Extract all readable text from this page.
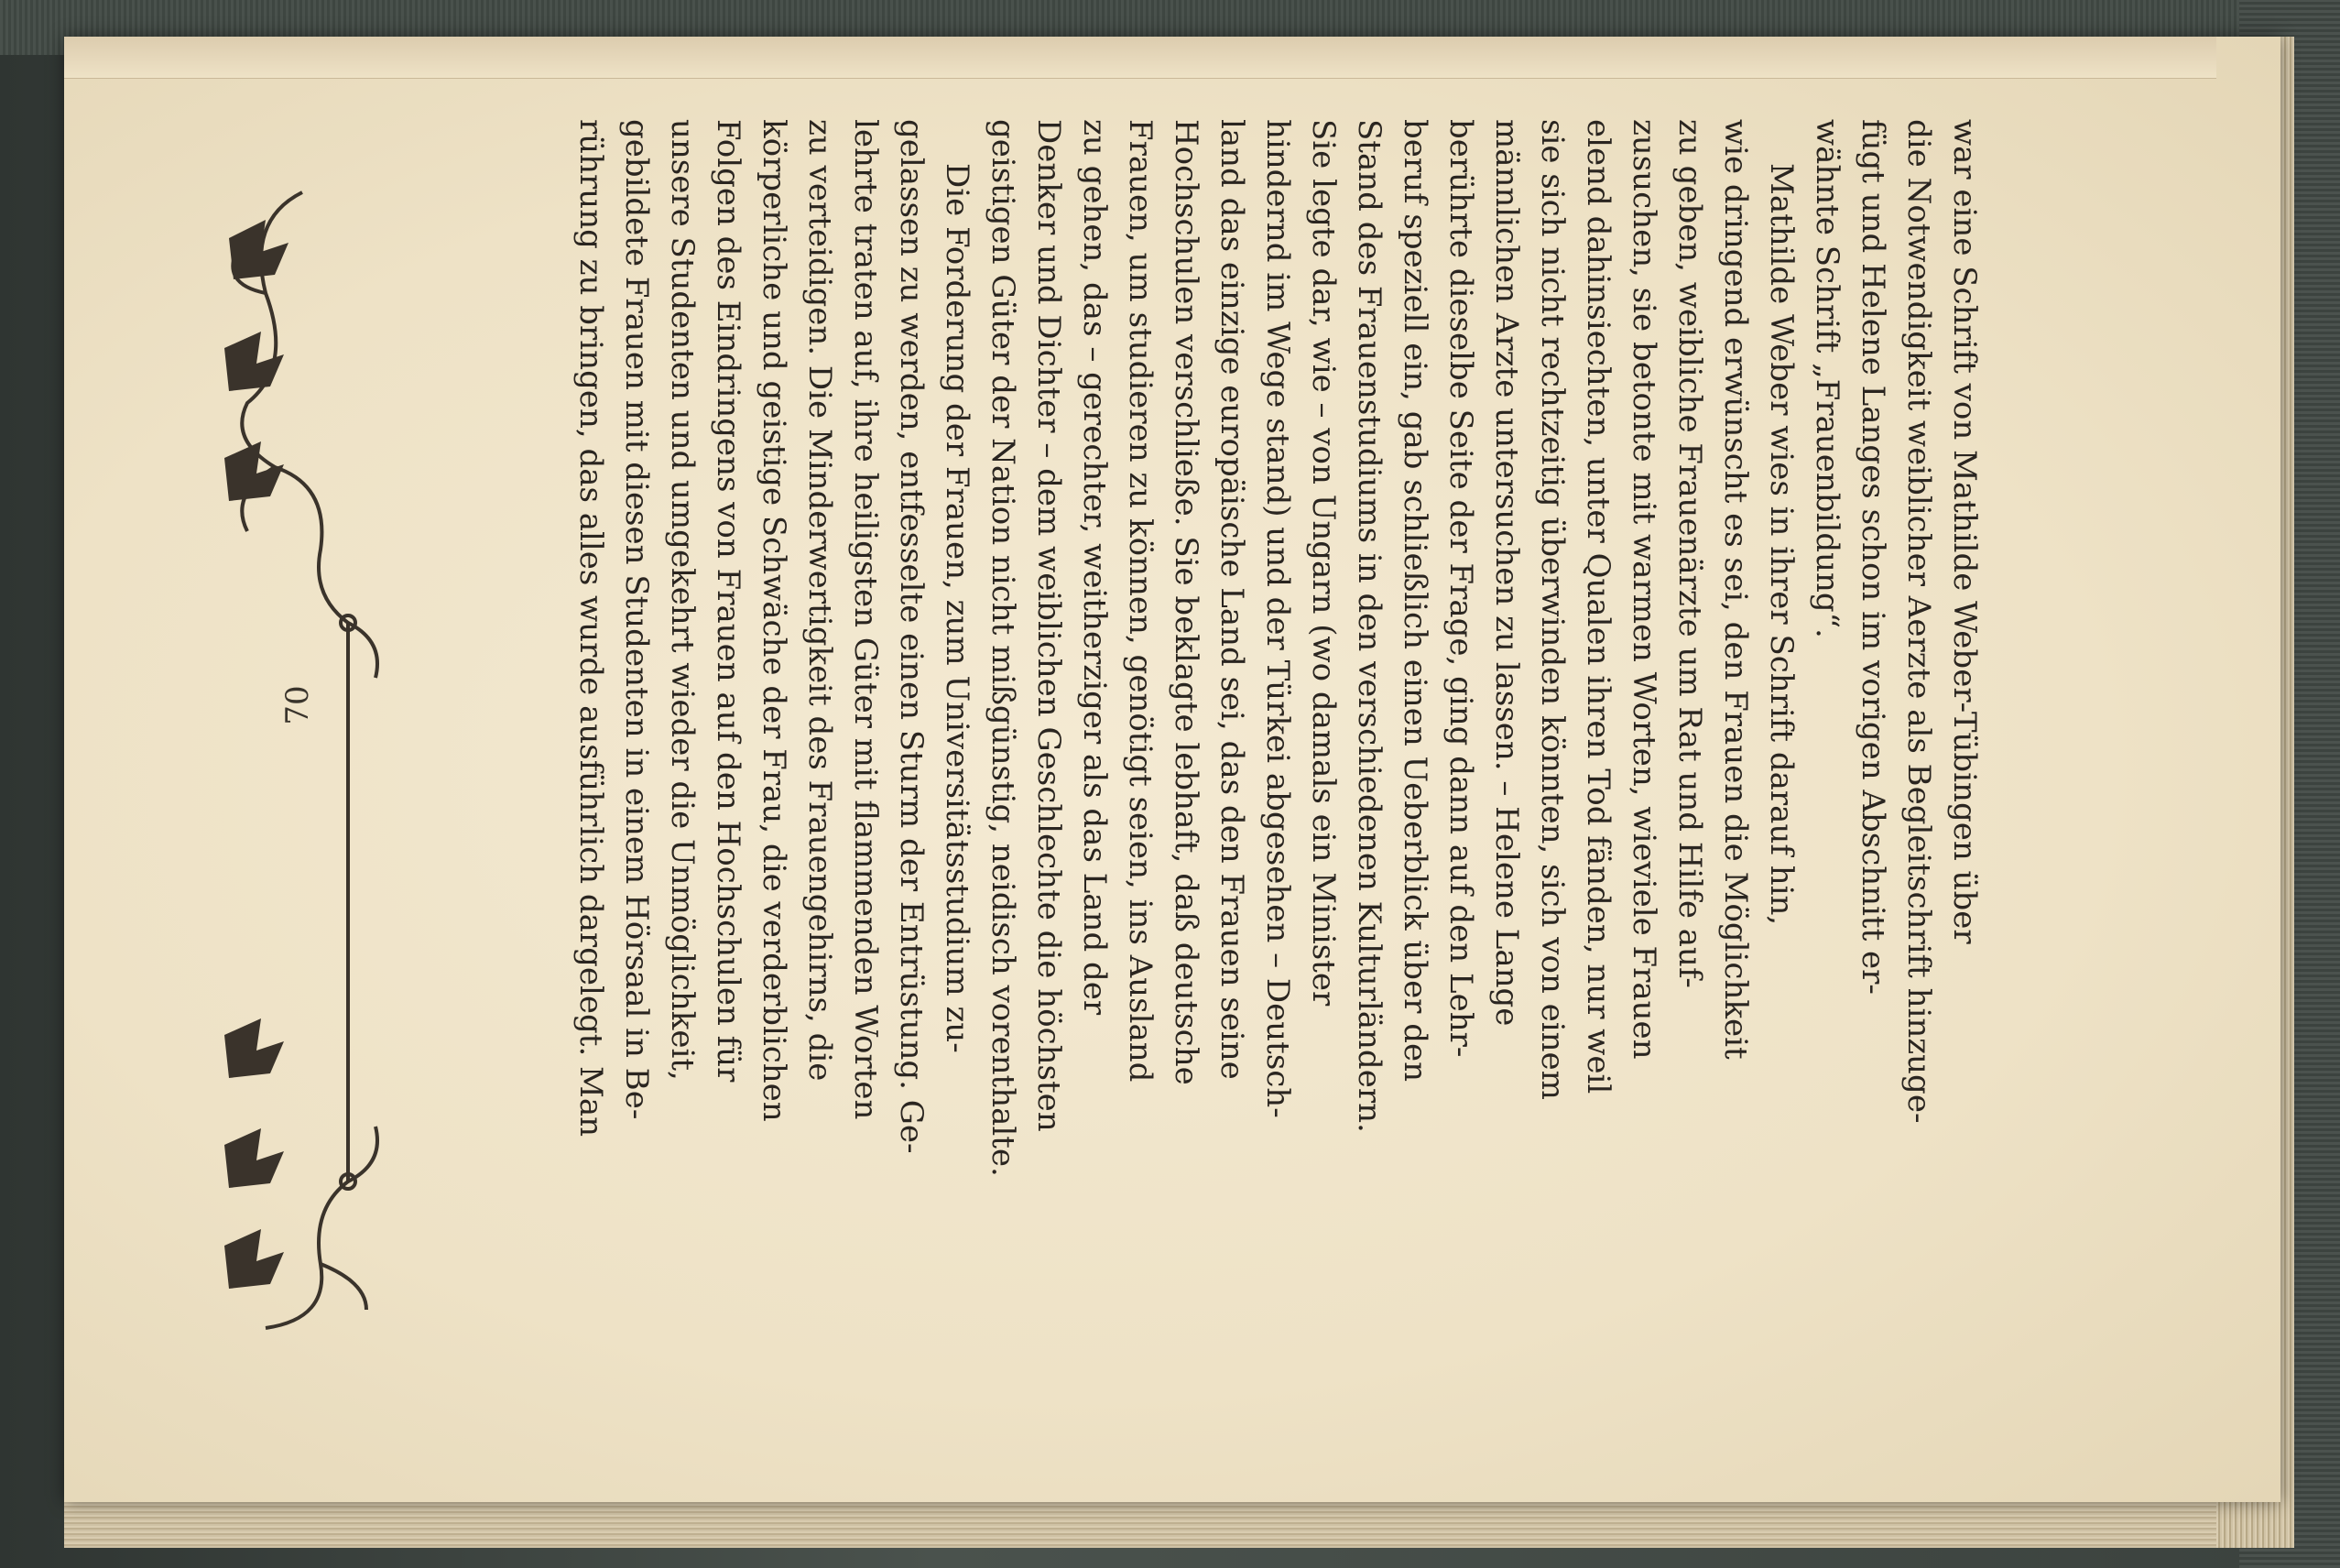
70	war eine Schrift von Mathilde Weber-Tübingen über
die Notwendigkeit weiblicher Aerzte als Begleitschrift hinzuge-
fügt und Helene Langes schon im vorigen Abschnitt er-
wähnte Schrift „Frauenbildung“.
Mathilde Weber wies in ihrer Schrift darauf hin,
wie dringend erwünscht es sei, den Frauen die Möglichkeit
zu geben, weibliche Frauenärzte um Rat und Hilfe auf-
zusuchen, sie betonte mit warmen Worten, wieviele Frauen
elend dahinsiechten, unter Qualen ihren Tod fänden, nur weil
sie sich nicht rechtzeitig überwinden könnten, sich von einem
männlichen Arzte untersuchen zu lassen. – Helene Lange
berührte dieselbe Seite der Frage, ging dann auf den Lehr-
beruf speziell ein, gab schließlich einen Ueberblick über den
Stand des Frauenstudiums in den verschiedenen Kulturländern.
Sie legte dar, wie – von Ungarn (wo damals ein Minister
hindernd im Wege stand) und der Türkei abgesehen – Deutsch-
land das einzige europäische Land sei, das den Frauen seine
Hochschulen verschließe. Sie beklagte lebhaft, daß deutsche
Frauen, um studieren zu können, genötigt seien, ins Ausland
zu gehen, das – gerechter, weitherziger als das Land der
Denker und Dichter – dem weiblichen Geschlechte die höchsten
geistigen Güter der Nation nicht mißgünstig, neidisch vorenthalte.
Die Forderung der Frauen, zum Universitätsstudium zu-
gelassen zu werden, entfesselte einen Sturm der Entrüstung. Ge-
lehrte traten auf, ihre heiligsten Güter mit flammenden Worten
zu verteidigen. Die Minderwertigkeit des Frauengehirns, die
körperliche und geistige Schwäche der Frau, die verderblichen
Folgen des Eindringens von Frauen auf den Hochschulen für
unsere Studenten und umgekehrt wieder die Unmöglichkeit,
gebildete Frauen mit diesen Studenten in einem Hörsaal in Be-
rührung zu bringen, das alles wurde ausführlich dargelegt. Man
